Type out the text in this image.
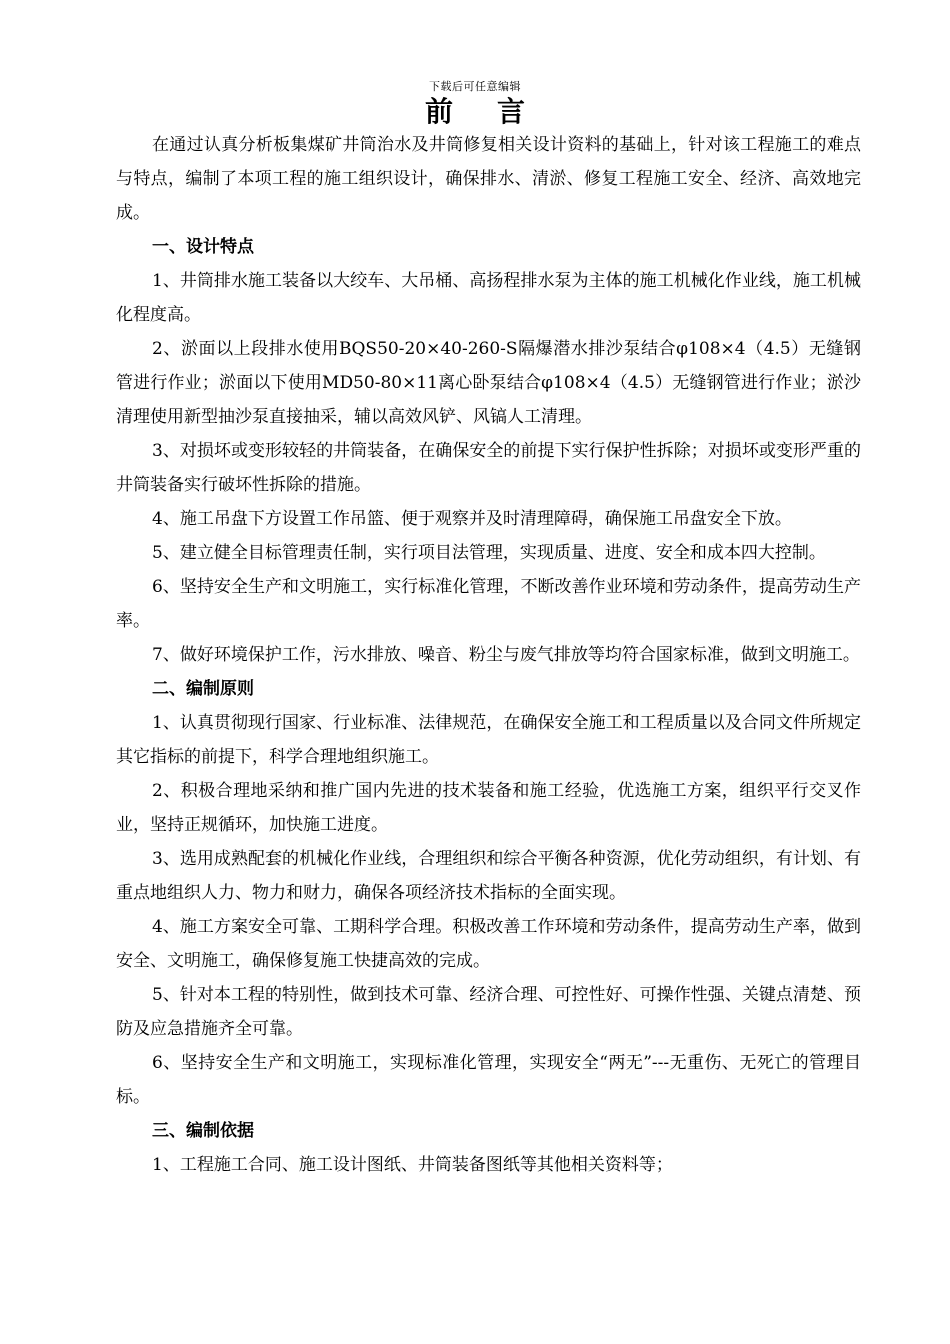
下载后可任意编辑
前言

在通过认真分析板集煤矿井筒治水及井筒修复相关设计资料的基础上，针对该工程施工的难点与特点，编制了本项工程的施工组织设计，确保排水、清淤、修复工程施工安全、经济、高效地完成。

一、设计特点

1、井筒排水施工装备以大绞车、大吊桶、高扬程排水泵为主体的施工机械化作业线，施工机械化程度高。

2、淤面以上段排水使用BQS50-20×40-260-S隔爆潜水排沙泵结合φ108×4（4.5）无缝钢管进行作业；淤面以下使用MD50-80×11离心卧泵结合φ108×4（4.5）无缝钢管进行作业；淤沙清理使用新型抽沙泵直接抽采，辅以高效风铲、风镐人工清理。

3、对损坏或变形较轻的井筒装备，在确保安全的前提下实行保护性拆除；对损坏或变形严重的井筒装备实行破坏性拆除的措施。

4、施工吊盘下方设置工作吊篮、便于观察并及时清理障碍，确保施工吊盘安全下放。

5、建立健全目标管理责任制，实行项目法管理，实现质量、进度、安全和成本四大控制。

6、坚持安全生产和文明施工，实行标准化管理，不断改善作业环境和劳动条件，提高劳动生产率。

7、做好环境保护工作，污水排放、噪音、粉尘与废气排放等均符合国家标准，做到文明施工。

二、编制原则

1、认真贯彻现行国家、行业标准、法律规范，在确保安全施工和工程质量以及合同文件所规定其它指标的前提下，科学合理地组织施工。

2、积极合理地采纳和推广国内先进的技术装备和施工经验，优选施工方案，组织平行交叉作业，坚持正规循环，加快施工进度。

3、选用成熟配套的机械化作业线，合理组织和综合平衡各种资源，优化劳动组织，有计划、有重点地组织人力、物力和财力，确保各项经济技术指标的全面实现。

4、施工方案安全可靠、工期科学合理。积极改善工作环境和劳动条件，提高劳动生产率，做到安全、文明施工，确保修复施工快捷高效的完成。

5、针对本工程的特别性，做到技术可靠、经济合理、可控性好、可操作性强、关键点清楚、预防及应急措施齐全可靠。

6、坚持安全生产和文明施工，实现标准化管理，实现安全“两无”---无重伤、无死亡的管理目标。

三、编制依据

1、工程施工合同、施工设计图纸、井筒装备图纸等其他相关资料等；
